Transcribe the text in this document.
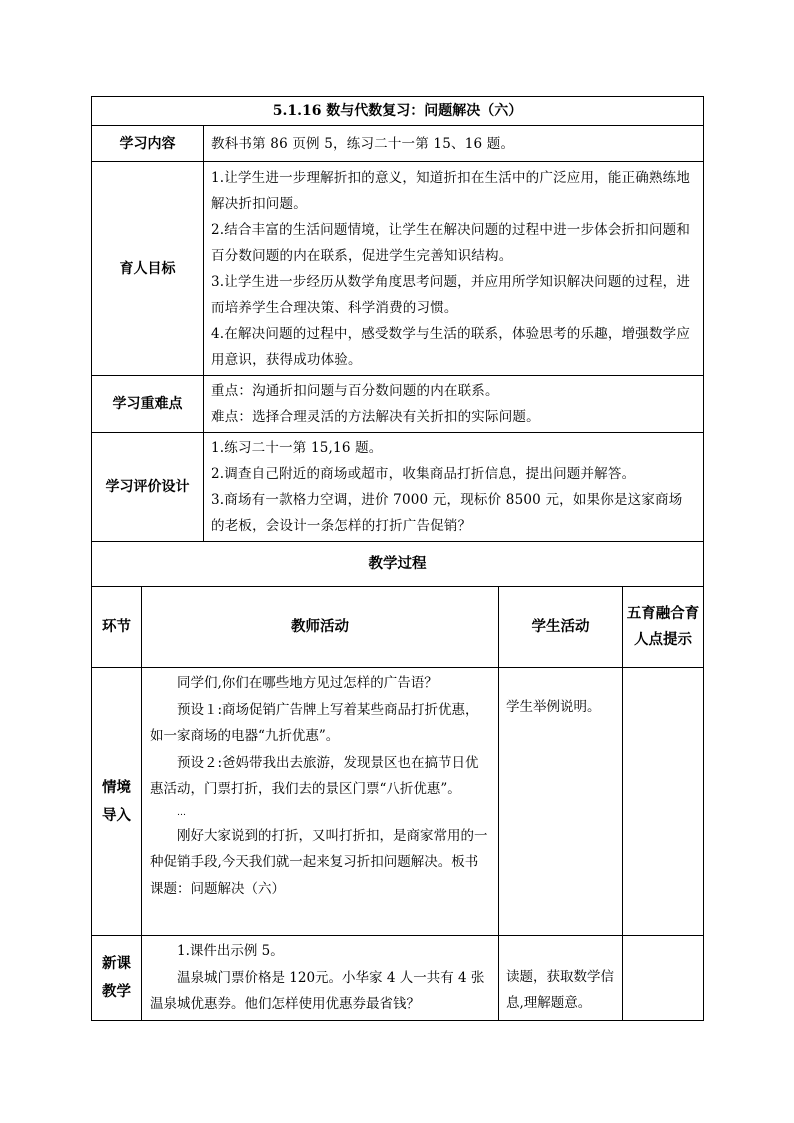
5.1.16 数与代数复习：问题解决（六）				
学习内容		教科书第 86 页例 5，练习二十一第 15、16 题。		
育人目标		1.让学生进一步理解折扣的意义，知道折扣在生活中的广泛应用，能正确熟练地解决折扣问题。

2.结合丰富的生活问题情境，让学生在解决问题的过程中进一步体会折扣问题和百分数问题的内在联系，促进学生完善知识结构。

3.让学生进一步经历从数学角度思考问题，并应用所学知识解决问题的过程，进而培养学生合理决策、科学消费的习惯。

4.在解决问题的过程中，感受数学与生活的联系，体验思考的乐趣，增强数学应用意识，获得成功体验。		

学习重难点		重点：沟通折扣问题与百分数问题的内在联系。

难点：选择合理灵活的方法解决有关折扣的实际问题。		

学习评价设计		1.练习二十一第 15,16 题。

2.调查自己附近的商场或超市，收集商品打折信息，提出问题并解答。

3.商场有一款格力空调，进价 7000 元，现标价 8500 元，如果你是这家商场的老板，会设计一条怎样的打折广告促销？		

教学过程				
环节	教师活动		学生活动	五育融合育人点提示

情境导入	同学们,你们在哪些地方见过怎样的广告语？

预设１:商场促销广告牌上写着某些商品打折优惠，如一家商场的电器“九折优惠”。

预设２:爸妈带我出去旅游，发现景区也在搞节日优惠活动，门票打折，我们去的景区门票“八折优惠”。

…

刚好大家说到的打折，又叫打折扣，是商家常用的一种促销手段,今天我们就一起来复习折扣问题解决。板书课题：问题解决（六）		学生举例说明。	

新课教学	1.课件出示例 5。

温泉城门票价格是 120元。小华家 4 人一共有 4 张温泉城优惠券。他们怎样使用优惠券最省钱？		读题，获取数学信息,理解题意。	
